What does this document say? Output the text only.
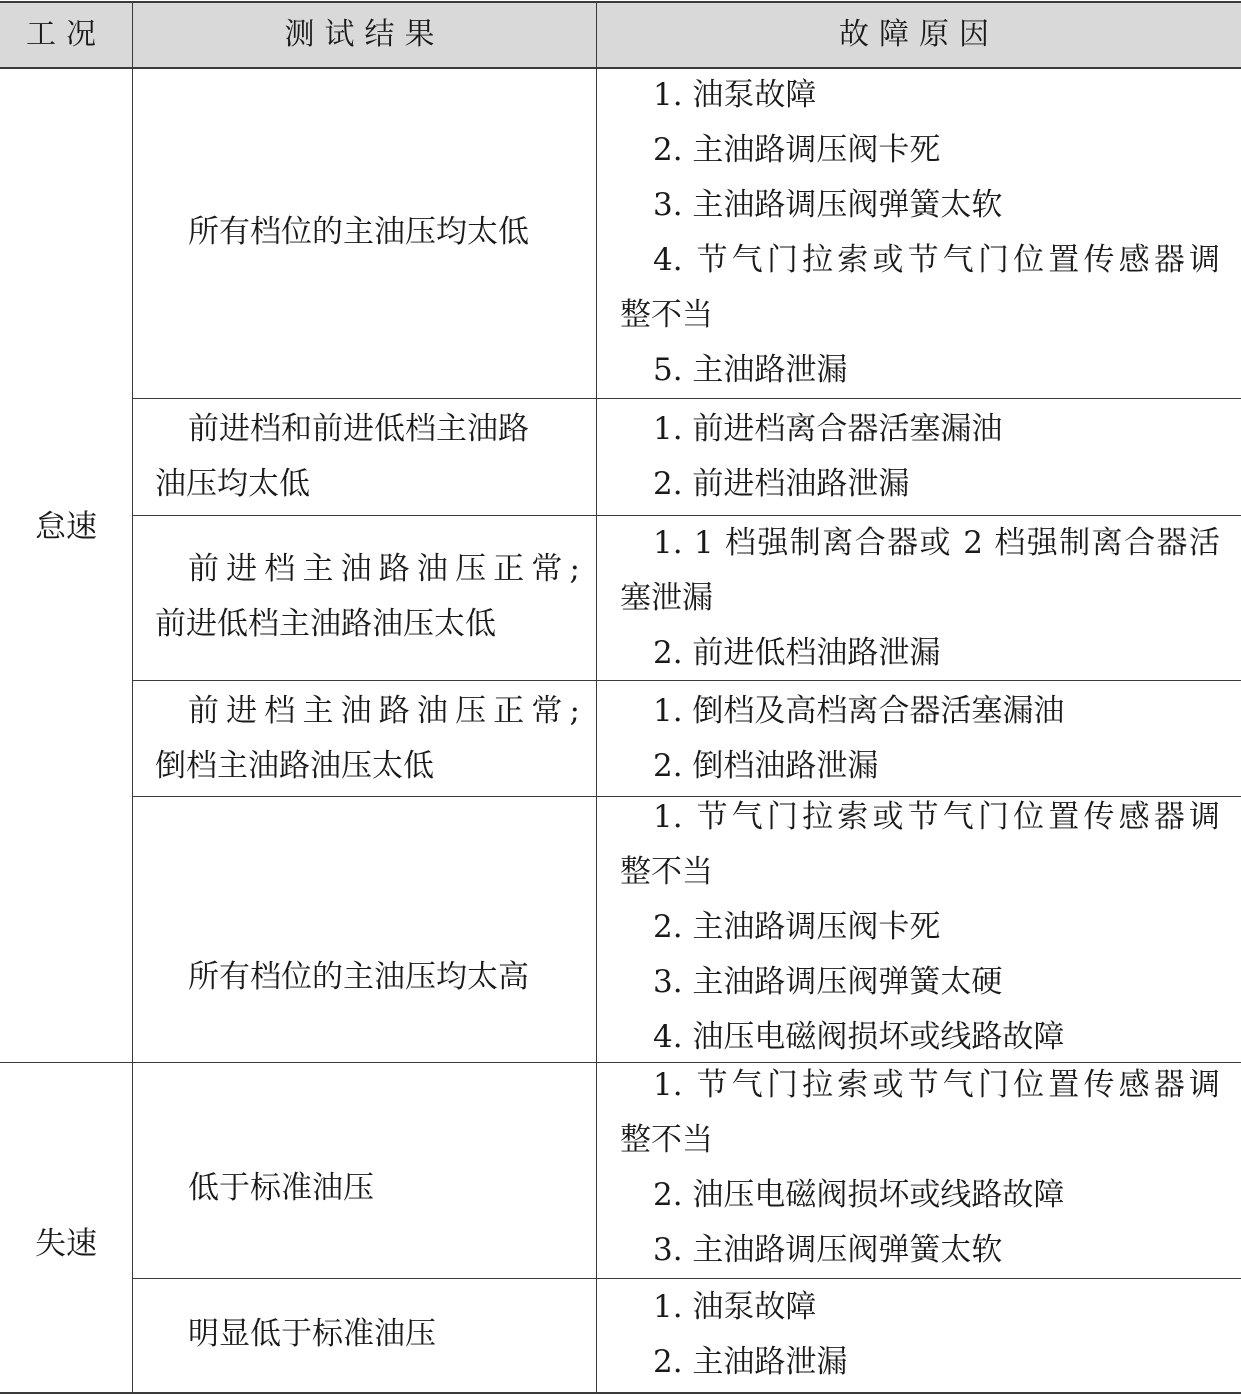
工况	测试结果	故障原因
怠速
所有档位的主油压均太低
1. 油泵故障
2. 主油路调压阀卡死
3. 主油路调压阀弹簧太软
4. 节气门拉索或节气门位置传感器调
整不当
5. 主油路泄漏
前进档和前进低档主油路
油压均太低
1. 前进档离合器活塞漏油
2. 前进档油路泄漏
前进档主油路油压正常;
前进低档主油路油压太低
1. 1 档强制离合器或 2 档强制离合器活
塞泄漏
2. 前进低档油路泄漏
前进档主油路油压正常;
倒档主油路油压太低
1. 倒档及高档离合器活塞漏油
2. 倒档油路泄漏
所有档位的主油压均太高
1. 节气门拉索或节气门位置传感器调
整不当
2. 主油路调压阀卡死
3. 主油路调压阀弹簧太硬
4. 油压电磁阀损坏或线路故障
失速
低于标准油压
1. 节气门拉索或节气门位置传感器调
整不当
2. 油压电磁阀损坏或线路故障
3. 主油路调压阀弹簧太软
明显低于标准油压
1. 油泵故障
2. 主油路泄漏
